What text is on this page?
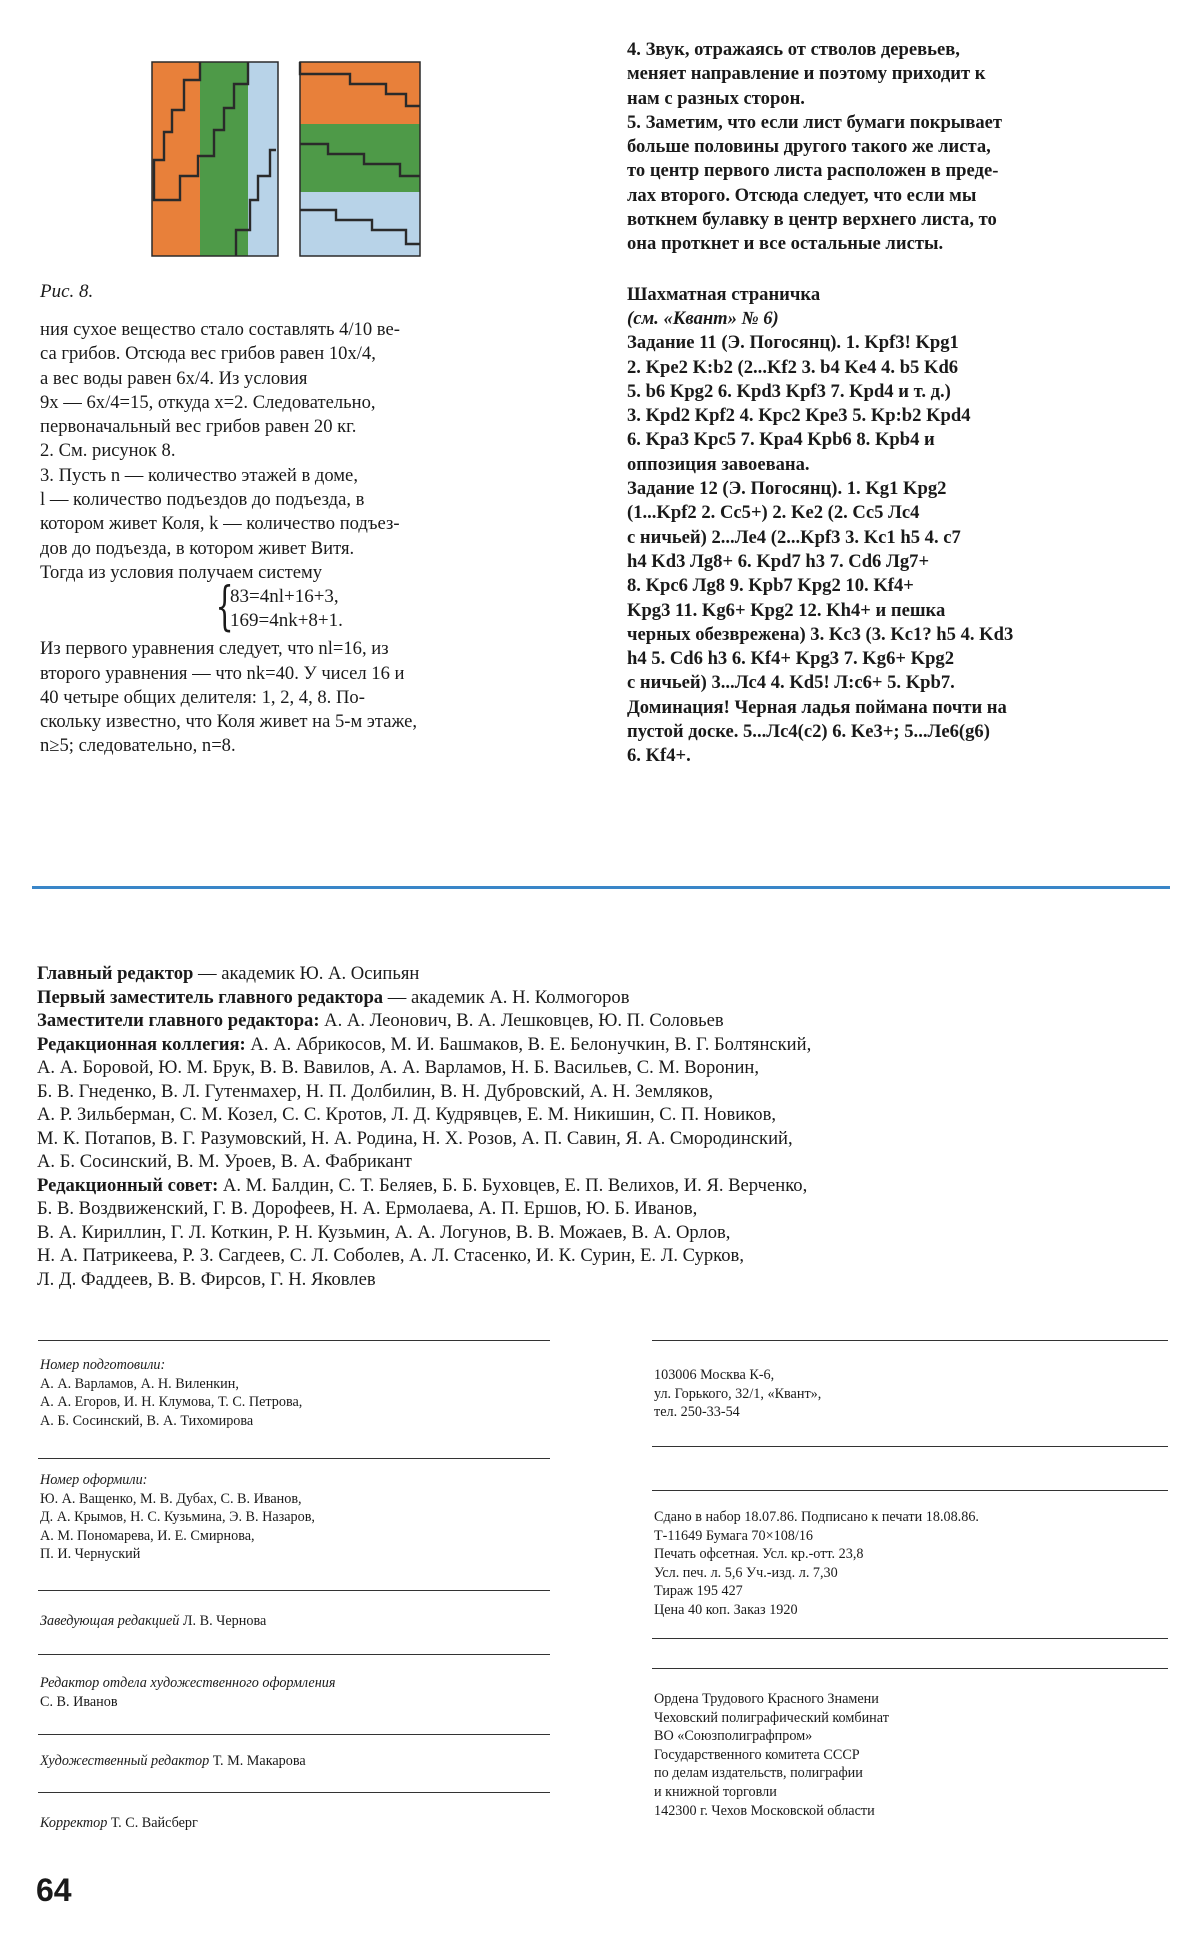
Рис. 8.

ния сухое вещество стало составлять 4/10 ве-

са грибов. Отсюда вес грибов равен 10x/4,

а вес воды равен 6x/4. Из условия

9x — 6x/4=15, откуда x=2. Следовательно,

первоначальный вес грибов равен 20 кг.

2. См. рисунок 8.

3. Пусть n — количество этажей в доме,

l — количество подъездов до подъезда, в

котором живет Коля, k — количество подъез-

дов до подъезда, в котором живет Витя.

Тогда из условия получаем систему

{
83=4nl+16+3,
169=4nk+8+1.

Из первого уравнения следует, что nl=16, из

второго уравнения — что nk=40. У чисел 16 и

40 четыре общих делителя: 1, 2, 4, 8. По-

скольку известно, что Коля живет на 5-м этаже,

n≥5; следовательно, n=8.

4. Звук, отражаясь от стволов деревьев,

меняет направление и поэтому приходит к

нам с разных сторон.

5. Заметим, что если лист бумаги покрывает

больше половины другого такого же листа,

то центр первого листа расположен в преде-

лах второго. Отсюда следует, что если мы

воткнем булавку в центр верхнего листа, то

она проткнет и все остальные листы.

Шахматная страничка

(см. «Квант» № 6)

Задание 11 (Э. Погосянц). 1. Kpf3! Kpg1

2. Kpe2 K:b2 (2...Kf2 3. b4 Ke4 4. b5 Kd6

5. b6 Kpg2 6. Kpd3 Kpf3 7. Kpd4 и т. д.)

3. Kpd2 Kpf2 4. Kpc2 Kpe3 5. Kp:b2 Kpd4

6. Kpa3 Kpc5 7. Kpa4 Kpb6 8. Kpb4 и

оппозиция завоевана.

Задание 12 (Э. Погосянц). 1. Kg1 Kpg2

(1...Kpf2 2. Cc5+) 2. Ke2 (2. Cc5 Лc4

с ничьей) 2...Лe4 (2...Kpf3 3. Kc1 h5 4. c7

h4 Kd3 Лg8+ 6. Kpd7 h3 7. Cd6 Лg7+

8. Kpc6 Лg8 9. Kpb7 Kpg2 10. Kf4+

Kpg3 11. Kg6+ Kpg2 12. Kh4+ и пешка

черных обезврежена) 3. Kc3 (3. Kc1? h5 4. Kd3

h4 5. Cd6 h3 6. Kf4+ Kpg3 7. Kg6+ Kpg2

с ничьей) 3...Лc4 4. Kd5! Л:c6+ 5. Kpb7.

Доминация! Черная ладья поймана почти на

пустой доске. 5...Лc4(c2) 6. Ke3+; 5...Лe6(g6)

6. Kf4+.

Главный редактор — академик Ю. А. Осипьян

Первый заместитель главного редактора — академик А. Н. Колмогоров

Заместители главного редактора: А. А. Леонович, В. А. Лешковцев, Ю. П. Соловьев

Редакционная коллегия: А. А. Абрикосов, М. И. Башмаков, В. Е. Белонучкин, В. Г. Болтянский,

А. А. Боровой, Ю. М. Брук, В. В. Вавилов, А. А. Варламов, Н. Б. Васильев, С. М. Воронин,

Б. В. Гнеденко, В. Л. Гутенмахер, Н. П. Долбилин, В. Н. Дубровский, А. Н. Земляков,

А. Р. Зильберман, С. М. Козел, С. С. Кротов, Л. Д. Кудрявцев, Е. М. Никишин, С. П. Новиков,

М. К. Потапов, В. Г. Разумовский, Н. А. Родина, Н. Х. Розов, А. П. Савин, Я. А. Смородинский,

А. Б. Сосинский, В. М. Уроев, В. А. Фабрикант

Редакционный совет: А. М. Балдин, С. Т. Беляев, Б. Б. Буховцев, Е. П. Велихов, И. Я. Верченко,

Б. В. Воздвиженский, Г. В. Дорофеев, Н. А. Ермолаева, А. П. Ершов, Ю. Б. Иванов,

В. А. Кириллин, Г. Л. Коткин, Р. Н. Кузьмин, А. А. Логунов, В. В. Можаев, В. А. Орлов,

Н. А. Патрикеева, Р. З. Сагдеев, С. Л. Соболев, А. Л. Стасенко, И. К. Сурин, Е. Л. Сурков,

Л. Д. Фаддеев, В. В. Фирсов, Г. Н. Яковлев

Номер подготовили:

А. А. Варламов, А. Н. Виленкин,

А. А. Егоров, И. Н. Клумова, Т. С. Петрова,

А. Б. Сосинский, В. А. Тихомирова

Номер оформили:

Ю. А. Ващенко, М. В. Дубах, С. В. Иванов,

Д. А. Крымов, Н. С. Кузьмина, Э. В. Назаров,

А. М. Пономарева, И. Е. Смирнова,

П. И. Чернуский

Заведующая редакцией Л. В. Чернова

Редактор отдела художественного оформления

С. В. Иванов

Художественный редактор Т. М. Макарова

Корректор Т. С. Вайсберг

103006 Москва К-6,

ул. Горького, 32/1, «Квант»,

тел. 250-33-54

Сдано в набор 18.07.86. Подписано к печати 18.08.86.

Т-11649 Бумага 70×108/16

Печать офсетная. Усл. кр.-отт. 23,8

Усл. печ. л. 5,6 Уч.-изд. л. 7,30

Тираж 195 427

Цена 40 коп. Заказ 1920

Ордена Трудового Красного Знамени

Чеховский полиграфический комбинат

ВО «Союзполиграфпром»

Государственного комитета СССР

по делам издательств, полиграфии

и книжной торговли

142300 г. Чехов Московской области

64
